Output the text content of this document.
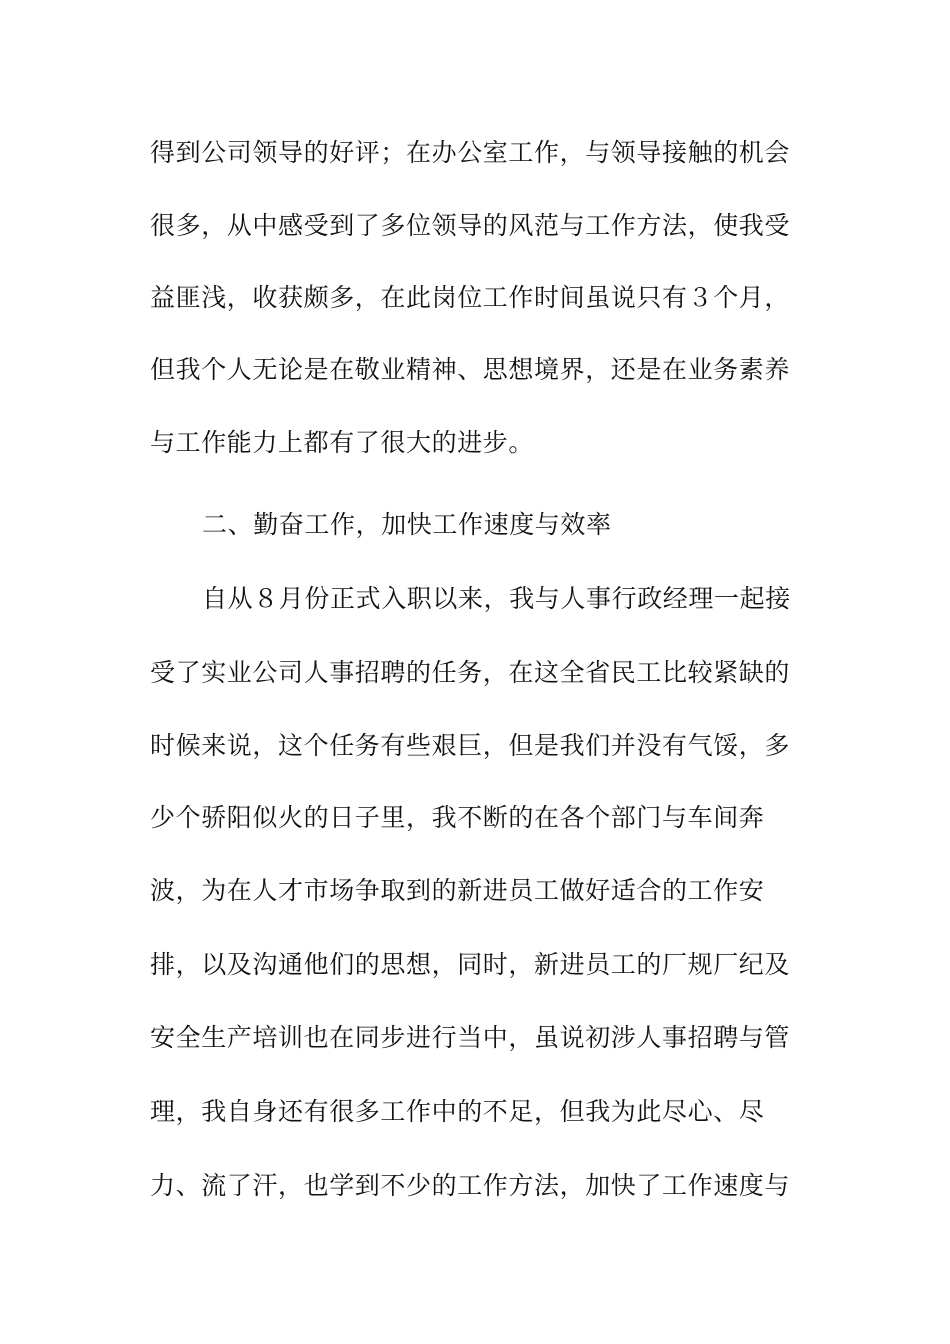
得到公司领导的好评；在办公室工作，与领导接触的机会
很多，从中感受到了多位领导的风范与工作方法，使我受
益匪浅，收获颇多，在此岗位工作时间虽说只有３个月，
但我个人无论是在敬业精神、思想境界，还是在业务素养
与工作能力上都有了很大的进步。
二、勤奋工作，加快工作速度与效率
自从８月份正式入职以来，我与人事行政经理一起接
受了实业公司人事招聘的任务，在这全省民工比较紧缺的
时候来说，这个任务有些艰巨，但是我们并没有气馁，多
少个骄阳似火的日子里，我不断的在各个部门与车间奔
波，为在人才市场争取到的新进员工做好适合的工作安
排，以及沟通他们的思想，同时，新进员工的厂规厂纪及
安全生产培训也在同步进行当中，虽说初涉人事招聘与管
理，我自身还有很多工作中的不足，但我为此尽心、尽
力、流了汗，也学到不少的工作方法，加快了工作速度与
